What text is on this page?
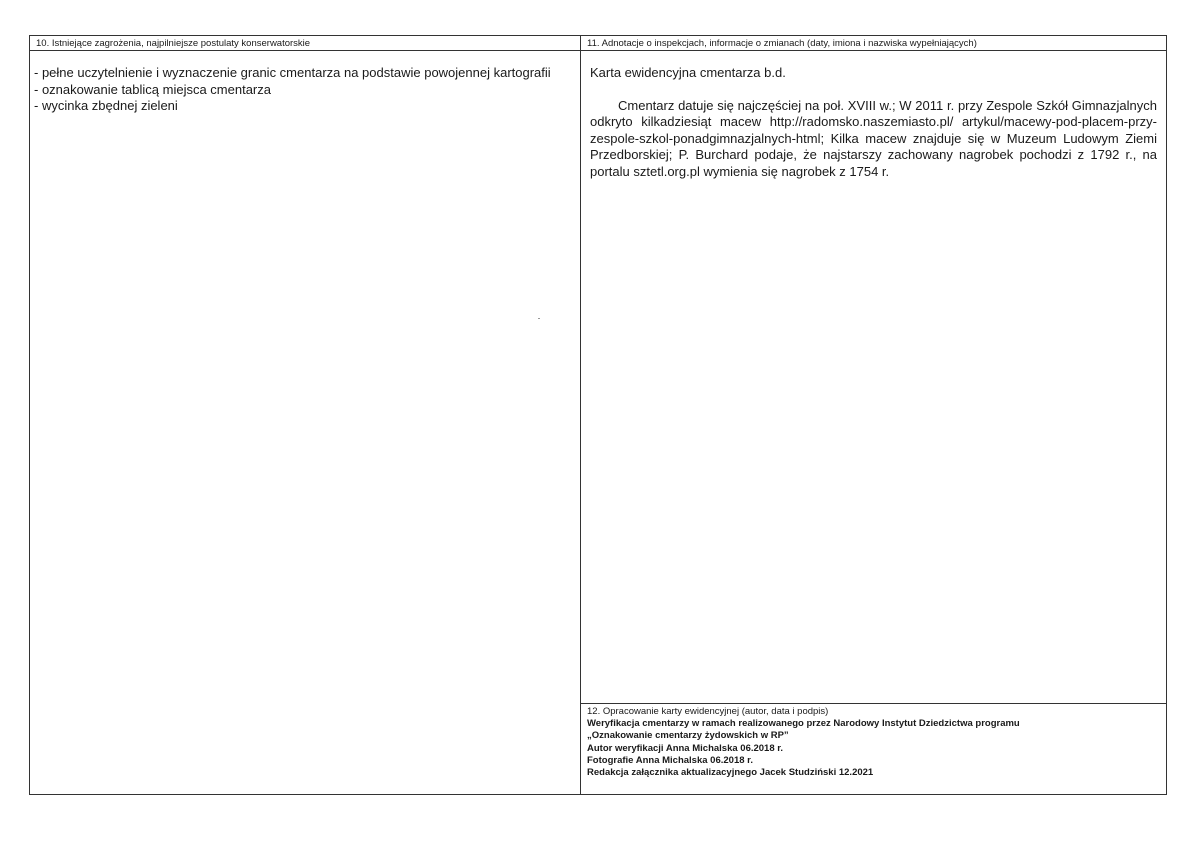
10. Istniejące zagrożenia, najpilniejsze postulaty konserwatorskie

- pełne uczytelnienie i wyznaczenie granic cmentarza na podstawie powojennej kartografii

- oznakowanie tablicą miejsca cmentarza

- wycinka zbędnej zieleni

11. Adnotacje o inspekcjach, informacje o zmianach (daty, imiona i nazwiska wypełniających)

Karta ewidencyjna cmentarza b.d.

Cmentarz datuje się najczęściej na poł. XVIII w.; W 2011 r. przy Zespole Szkół Gimnazjalnych odkryto kilkadziesiąt macew http://radomsko.naszemiasto.pl/ artykul/macewy-pod-placem-przy-zespole-szkol-ponadgimnazjalnych-html; Kilka macew znajduje się w Muzeum Ludowym Ziemi Przedborskiej; P. Burchard podaje, że najstarszy zachowany nagrobek pochodzi z 1792 r., na portalu sztetl.org.pl wymienia się nagrobek z 1754 r.

12. Opracowanie karty ewidencyjnej (autor, data i podpis)
Weryfikacja cmentarzy w ramach realizowanego przez Narodowy Instytut Dziedzictwa programu
„Oznakowanie cmentarzy żydowskich w RP”
Autor weryfikacji Anna Michalska 06.2018 r.
Fotografie Anna Michalska 06.2018 r.
Redakcja załącznika aktualizacyjnego Jacek Studziński 12.2021
